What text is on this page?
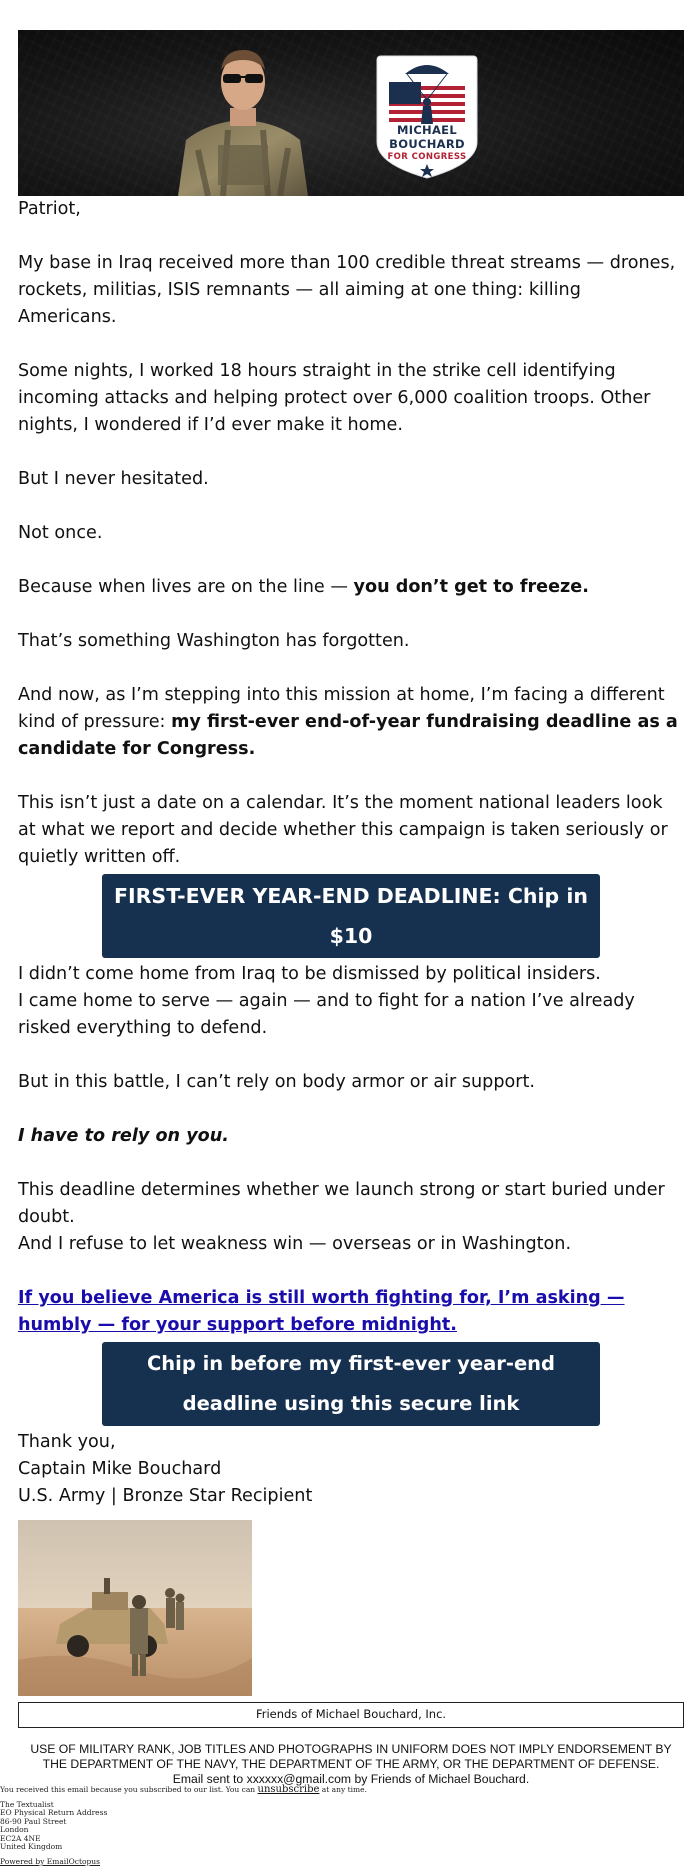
MICHAEL
BOUCHARD
FOR CONGRESS

Patriot,

My base in Iraq received more than 100 credible threat streams — drones, rockets, militias, ISIS remnants — all aiming at one thing: killing Americans.

Some nights, I worked 18 hours straight in the strike cell identifying incoming attacks and helping protect over 6,000 coalition troops. Other nights, I wondered if I’d ever make it home.

But I never hesitated.

Not once.

Because when lives are on the line — you don’t get to freeze.

That’s something Washington has forgotten.

And now, as I’m stepping into this mission at home, I’m facing a different kind of pressure: my first-ever end-of-year fundraising deadline as a candidate for Congress.

This isn’t just a date on a calendar. It’s the moment national leaders look at what we report and decide whether this campaign is taken seriously or quietly written off.

FIRST-EVER YEAR-END DEADLINE: Chip in $10

I didn’t come home from Iraq to be dismissed by political insiders.

I came home to serve — again — and to fight for a nation I’ve already risked everything to defend.

But in this battle, I can’t rely on body armor or air support.

I have to rely on you.

This deadline determines whether we launch strong or start buried under doubt.

And I refuse to let weakness win — overseas or in Washington.

If you believe America is still worth fighting for, I’m asking — humbly — for your support before midnight.

Chip in before my first-ever year-end deadline using this secure link

Thank you,

Captain Mike Bouchard

U.S. Army | Bronze Star Recipient

Friends of Michael Bouchard, Inc.
USE OF MILITARY RANK, JOB TITLES AND PHOTOGRAPHS IN UNIFORM DOES NOT IMPLY ENDORSEMENT BY THE DEPARTMENT OF THE NAVY, THE DEPARTMENT OF THE ARMY, OR THE DEPARTMENT OF DEFENSE.
Email sent to xxxxxx@gmail.com by Friends of Michael Bouchard.
You received this email because you subscribed to our list. You can unsubscribe at any time.
The Textualist
EO Physical Return Address
86-90 Paul Street
London
EC2A 4NE
United Kingdom
Powered by EmailOctopus
